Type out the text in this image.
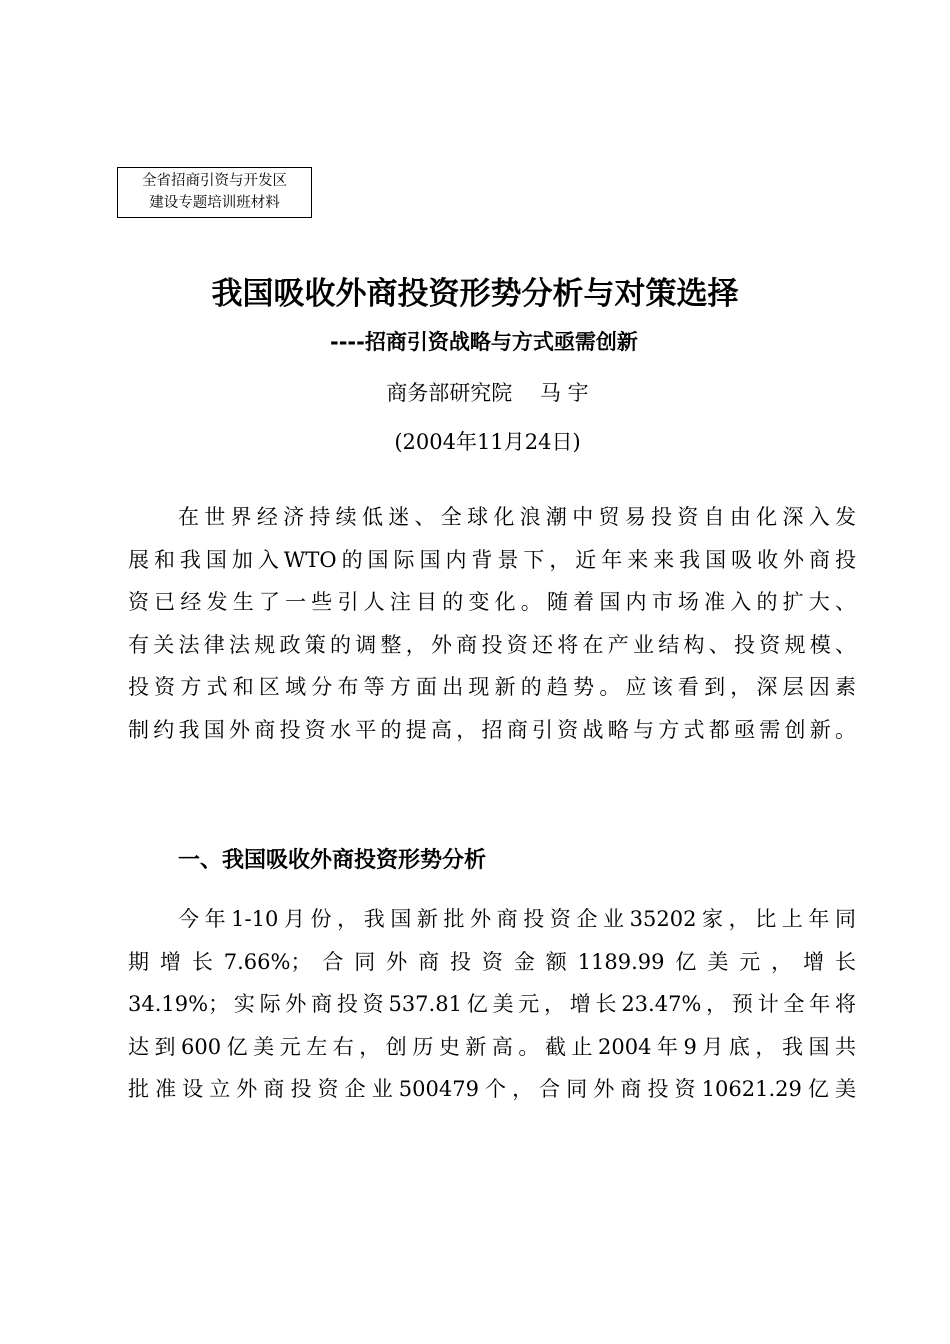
全省招商引资与开发区
建设专题培训班材料
我国吸收外商投资形势分析与对策选择
----招商引资战略与方式亟需创新
商务部研究院　 马 宇
(2004年11月24日)
在世界经济持续低迷、全球化浪潮中贸易投资自由化深入发
展和我国加入WTO的国际国内背景下，近年来来我国吸收外商投
资已经发生了一些引人注目的变化。随着国内市场准入的扩大、
有关法律法规政策的调整，外商投资还将在产业结构、投资规模、
投资方式和区域分布等方面出现新的趋势。应该看到，深层因素
制约我国外商投资水平的提高，招商引资战略与方式都亟需创新。
一、我国吸收外商投资形势分析
今年1-10月份，我国新批外商投资企业35202家，比上年同
期增长7.66%；合同外商投资金额1189.99亿美元，增长
34.19%；实际外商投资537.81亿美元，增长23.47%，预计全年将
达到600亿美元左右，创历史新高。截止2004年9月底，我国共
批准设立外商投资企业500479个，合同外商投资10621.29亿美
